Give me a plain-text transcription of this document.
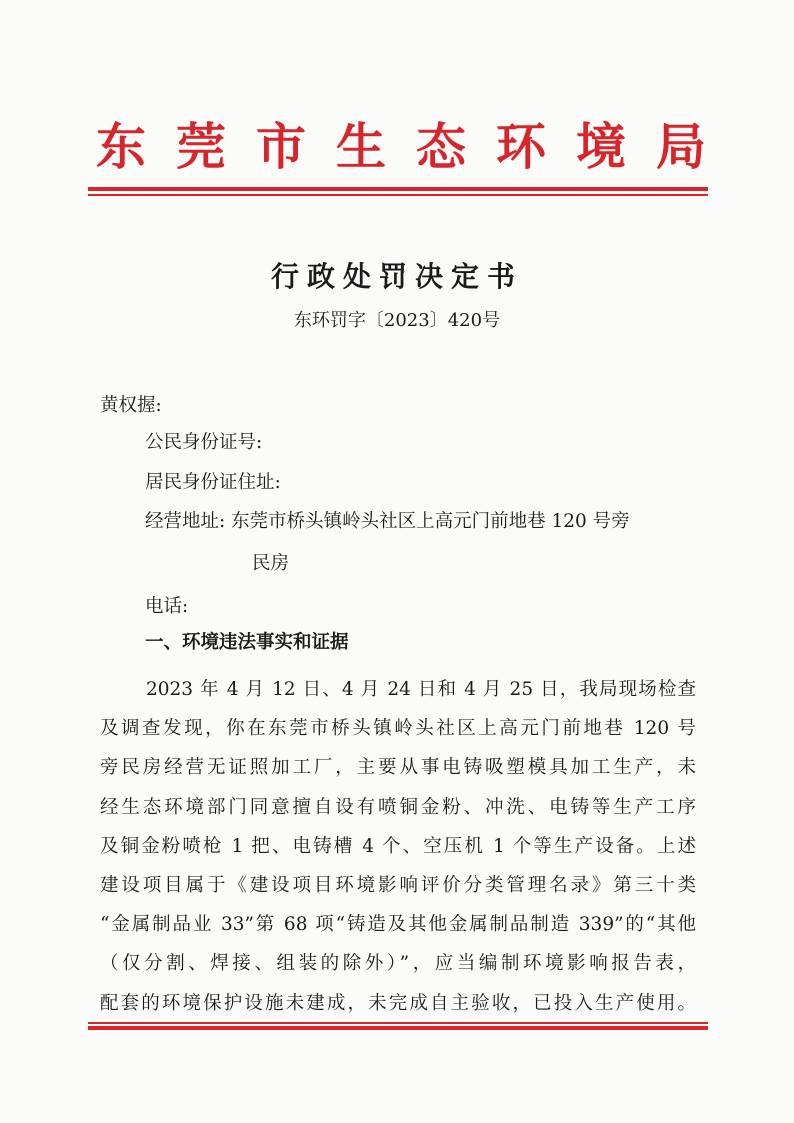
东 莞 市 生 态 环 境 局
行政处罚决定书
东环罚字〔2023〕420号
黄权握:
公民身份证号:
居民身份证住址:
经营地址: 东莞市桥头镇岭头社区上高元门前地巷 120 号旁
民房
电话:
一、环境违法事实和证据
2023 年 4 月 12 日、4 月 24 日和 4 月 25 日，我局现场检查
及调查发现，你在东莞市桥头镇岭头社区上高元门前地巷 120 号
旁民房经营无证照加工厂，主要从事电铸吸塑模具加工生产，未
经生态环境部门同意擅自设有喷铜金粉、冲洗、电铸等生产工序
及铜金粉喷枪 1 把、电铸槽 4 个、空压机 1 个等生产设备。上述
建设项目属于《建设项目环境影响评价分类管理名录》第三十类
“金属制品业 33”第 68 项“铸造及其他金属制品制造 339”的“其他
（仅分割、焊接、组装的除外）”，应当编制环境影响报告表，
配套的环境保护设施未建成，未完成自主验收，已投入生产使用。
